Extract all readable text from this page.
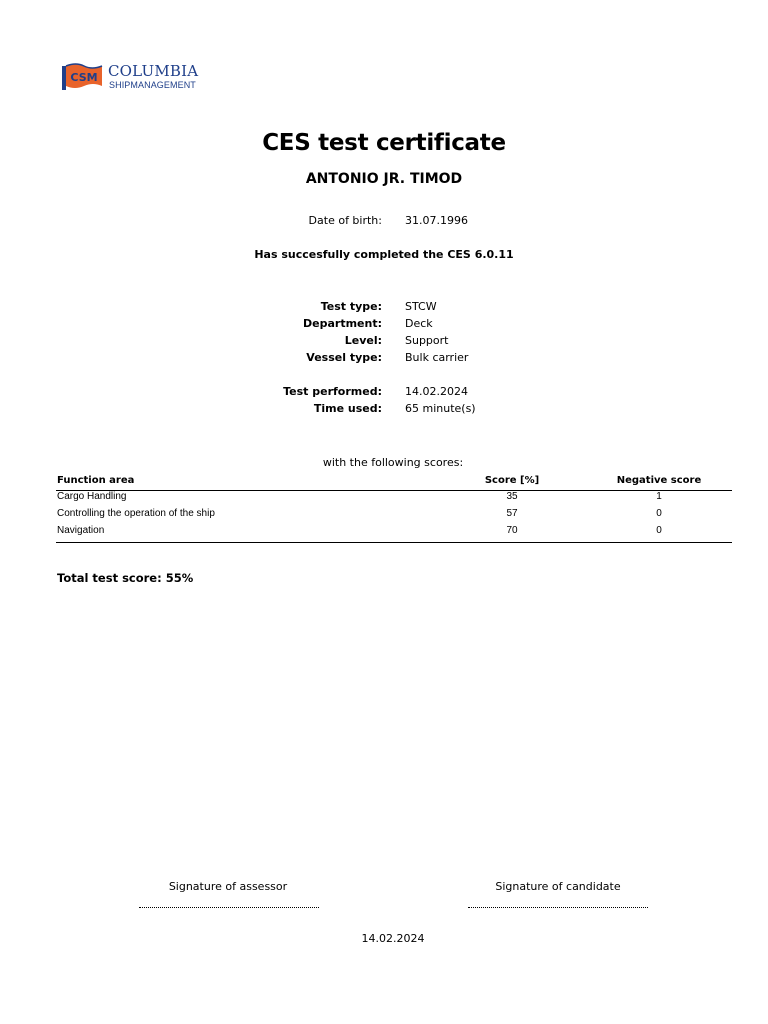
CSM COLUMBIA
SHIPMANAGEMENT
CES test certificate
ANTONIO JR. TIMOD
Date of birth: 31.07.1996
Has succesfully completed the CES 6.0.11
Test type: STCW
Department: Deck
Level: Support
Vessel type: Bulk carrier
Test performed: 14.02.2024
Time used: 65 minute(s)
with the following scores:
Function area	Score [%]	Negative score
Cargo Handling	35	1
Controlling the operation of the ship	57	0
Navigation	70	0
Total test score: 55%
Signature of assessor	Signature of candidate
14.02.2024
